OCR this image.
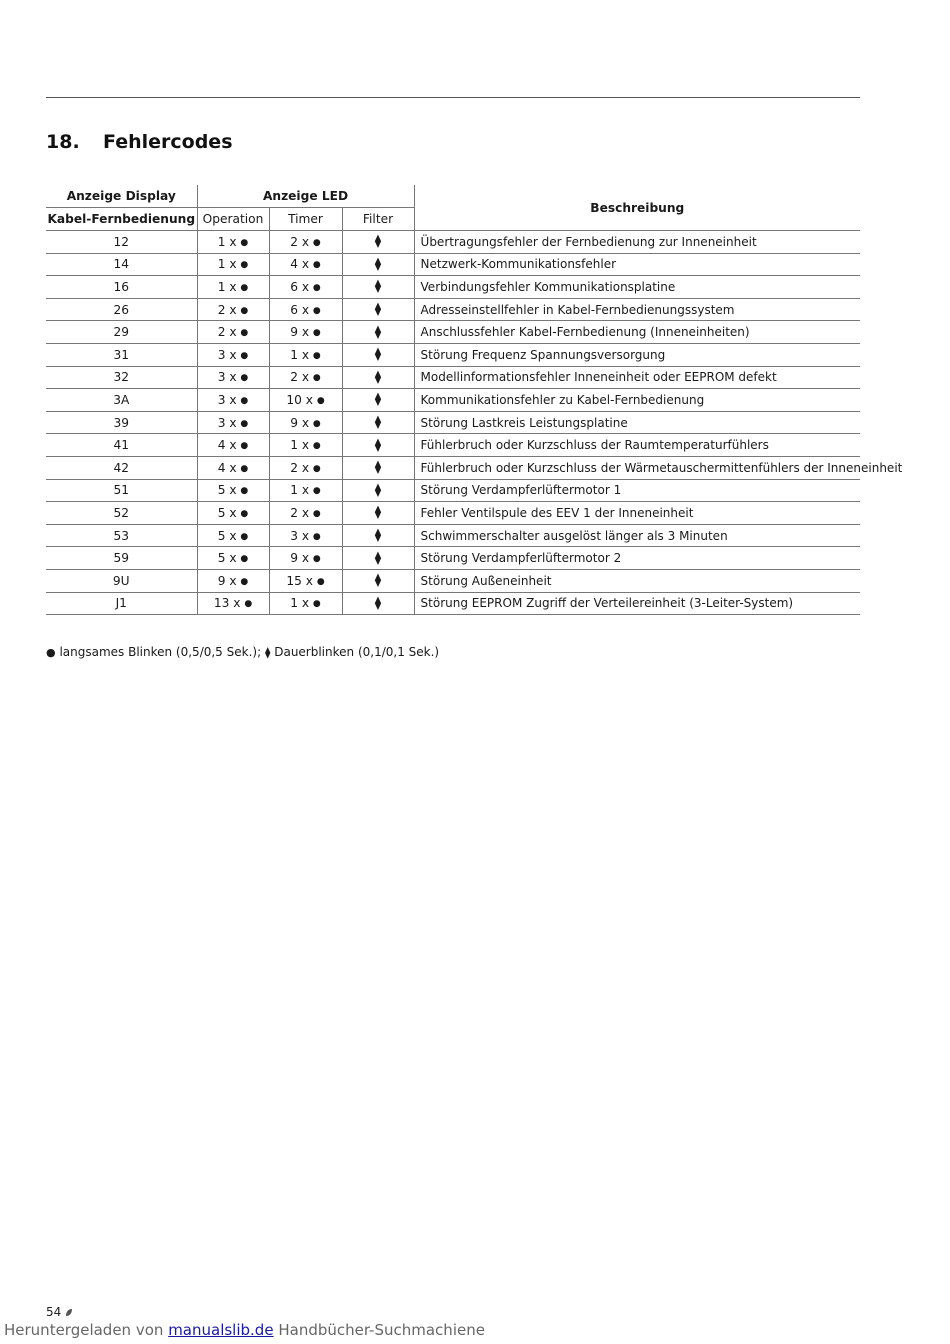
18. Fehlercodes
Anzeige Display	Anzeige LED			Beschreibung
Kabel-Fernbedienung	Operation	Timer	Filter	
12	1 x ●	2 x ●	⧫	Übertragungsfehler der Fernbedienung zur Inneneinheit
14	1 x ●	4 x ●	⧫	Netzwerk-Kommunikationsfehler
16	1 x ●	6 x ●	⧫	Verbindungsfehler Kommunikationsplatine
26	2 x ●	6 x ●	⧫	Adresseinstellfehler in Kabel-Fernbedienungssystem
29	2 x ●	9 x ●	⧫	Anschlussfehler Kabel-Fernbedienung (Inneneinheiten)
31	3 x ●	1 x ●	⧫	Störung Frequenz Spannungsversorgung
32	3 x ●	2 x ●	⧫	Modellinformationsfehler Inneneinheit oder EEPROM defekt
3A	3 x ●	10 x ●	⧫	Kommunikationsfehler zu Kabel-Fernbedienung
39	3 x ●	9 x ●	⧫	Störung Lastkreis Leistungsplatine
41	4 x ●	1 x ●	⧫	Fühlerbruch oder Kurzschluss der Raumtemperaturfühlers
42	4 x ●	2 x ●	⧫	Fühlerbruch oder Kurzschluss der Wärmetauschermittenfühlers der Inneneinheit
51	5 x ●	1 x ●	⧫	Störung Verdampferlüftermotor 1
52	5 x ●	2 x ●	⧫	Fehler Ventilspule des EEV 1 der Inneneinheit
53	5 x ●	3 x ●	⧫	Schwimmerschalter ausgelöst länger als 3 Minuten
59	5 x ●	9 x ●	⧫	Störung Verdampferlüftermotor 2
9U	9 x ●	15 x ●	⧫	Störung Außeneinheit
J1	13 x ●	1 x ●	⧫	Störung EEPROM Zugriff der Verteilereinheit (3-Leiter-System)
● langsames Blinken (0,5/0,5 Sek.); ⧫ Dauerblinken (0,1/0,1 Sek.)
54
Heruntergeladen von manualslib.de Handbücher-Suchmachiene
